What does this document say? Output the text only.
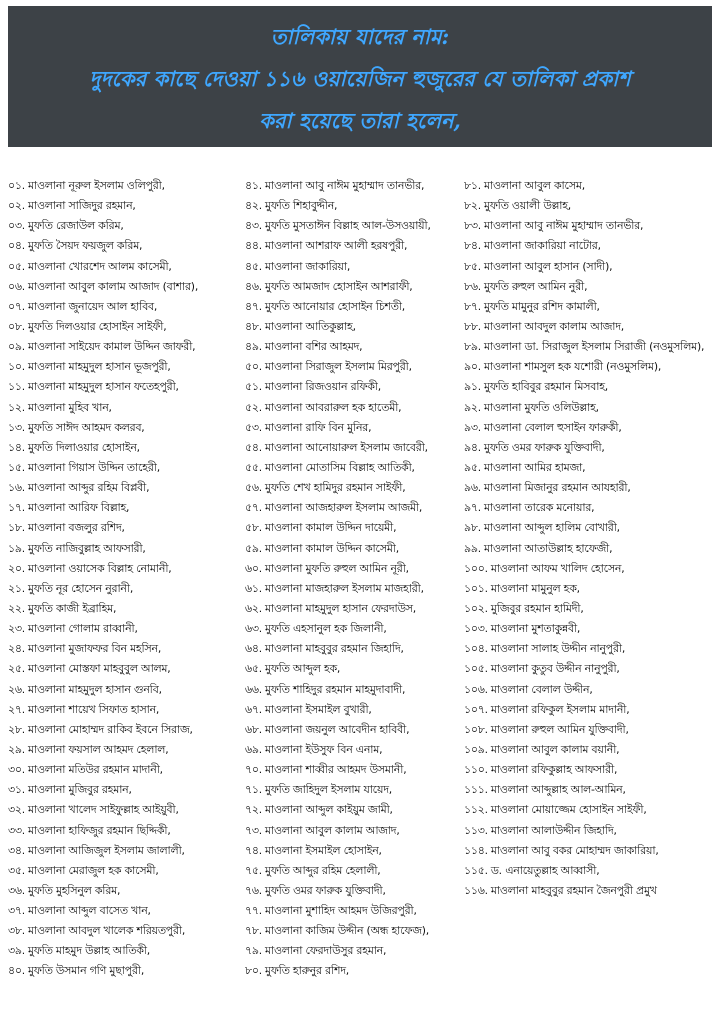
তালিকায় যাদের নাম:
দুদকের কাছে দেওয়া ১১৬ ওয়ায়েজিন হুজুরের যে তালিকা প্রকাশ
করা হয়েছে তারা হলেন,
০১. মাওলানা নূরুল ইসলাম ওলিপুরী,
০২. মাওলানা সাজিদুর রহমান,
০৩. মুফতি রেজাউল করিম,
০৪. মুফতি সৈয়দ ফয়জুল করিম,
০৫. মাওলানা খোরশেদ আলম কাসেমী,
০৬. মাওলানা আবুল কালাম আজাদ (বাশার),
০৭. মাওলানা জুনায়েদ আল হাবিব,
০৮. মুফতি দিলওয়ার হোসাইন সাইফী,
০৯. মাওলানা সাইয়েদ কামাল উদ্দিন জাফরী,
১০. মাওলানা মাহমুদুল হাসান ভূজপুরী,
১১. মাওলানা মাহমুদুল হাসান ফতেহপুরী,
১২. মাওলানা মুহিব খান,
১৩. মুফতি সাঈদ আহমদ কলরব,
১৪. মুফতি দিলাওয়ার হোসাইন,
১৫. মাওলানা গিয়াস উদ্দিন তাহেরী,
১৬. মাওলানা আব্দুর রহিম বিপ্লবী,
১৭. মাওলানা আরিফ বিল্লাহ,
১৮. মাওলানা বজলুর রশিদ,
১৯. মুফতি নাজিবুল্লাহ আফসারী,
২০. মাওলানা ওয়াসেক বিল্লাহ নোমানী,
২১. মুফতি নূর হোসেন নুরানী,
২২. মুফতি কাজী ইব্রাহিম,
২৩. মাওলানা গোলাম রাব্বানী,
২৪. মাওলানা মুজাফফর বিন মহসিন,
২৫. মাওলানা মোস্তফা মাহবুবুল আলম,
২৬. মাওলানা মাহমুদুল হাসান গুনবি,
২৭. মাওলানা শায়েখ সিফাত হাসান,
২৮. মাওলানা মোহাম্মদ রাকিব ইবনে সিরাজ,
২৯. মাওলানা ফয়সাল আহমদ হেলাল,
৩০. মাওলানা মতিউর রহমান মাদানী,
৩১. মাওলানা মুজিবুর রহমান,
৩২. মাওলানা খালেদ সাইফুল্লাহ আইয়ুবী,
৩৩. মাওলানা হাফিজুর রহমান ছিদ্দিকী,
৩৪. মাওলানা আজিজুল ইসলাম জালালী,
৩৫. মাওলানা মেরাজুল হক কাসেমী,
৩৬. মুফতি মুহসিনুল করিম,
৩৭. মাওলানা আব্দুল বাসেত খান,
৩৮. মাওলানা আবদুল খালেক শরিয়তপুরী,
৩৯. মুফতি মাহমুদ উল্লাহ আতিকী,
৪০. মুফতি উসমান গণি মুছাপুরী,
৪১. মাওলানা আবু নাঈম মুহাম্মাদ তানভীর,
৪২. মুফতি শিহাবুদ্দীন,
৪৩. মুফতি মুসতাঈন বিল্লাহ আল-উসওয়ায়ী,
৪৪. মাওলানা আশরাফ আলী হরষপুরী,
৪৫. মাওলানা জাকারিয়া,
৪৬. মুফতি আমজাদ হোসাইন আশরাফী,
৪৭. মুফতি আনোয়ার হোসাইন চিশতী,
৪৮. মাওলানা আতিকুল্লাহ,
৪৯. মাওলানা বশির আহমদ,
৫০. মাওলানা সিরাজুল ইসলাম মিরপুরী,
৫১. মাওলানা রিজওয়ান রফিকী,
৫২. মাওলানা আবরারুল হক হাতেমী,
৫৩. মাওলানা রাফি বিন মুনির,
৫৪. মাওলানা আনোয়ারুল ইসলাম জাবেরী,
৫৫. মাওলানা মোতাসিম বিল্লাহ আতিকী,
৫৬. মুফতি শেখ হামিদুর রহমান সাইফী,
৫৭. মাওলানা আজহারুল ইসলাম আজমী,
৫৮. মাওলানা কামাল উদ্দিন দায়েমী,
৫৯. মাওলানা কামাল উদ্দিন কাসেমী,
৬০. মাওলানা মুফতি রুহুল আমিন নূরী,
৬১. মাওলানা মাজহারুল ইসলাম মাজহারী,
৬২. মাওলানা মাহমুদুল হাসান ফেরদাউস,
৬৩. মুফতি এহসানুল হক জিলানী,
৬৪. মাওলানা মাহবুবুর রহমান জিহাদি,
৬৫. মুফতি আব্দুল হক,
৬৬. মুফতি শাহিদুর রহমান মাহমুদাবাদী,
৬৭. মাওলানা ইসমাইল বুখারী,
৬৮. মাওলানা জয়নুল আবেদীন হাবিবী,
৬৯. মাওলানা ইউসুফ বিন এনাম,
৭০. মাওলানা শাব্বীর আহমদ উসমানী,
৭১. মুফতি জাহিদুল ইসলাম যায়েদ,
৭২. মাওলানা আব্দুল কাইয়ুম জামী,
৭৩. মাওলানা আবুল কালাম আজাদ,
৭৪. মাওলানা ইসমাইল হোসাইন,
৭৫. মুফতি আব্দুর রহিম হেলালী,
৭৬. মুফতি ওমর ফারুক যুক্তিবাদী,
৭৭. মাওলানা মুশাহিদ আহমদ উজিরপুরী,
৭৮. মাওলানা কাজিম উদ্দীন (অন্ধ হাফেজ),
৭৯. মাওলানা ফেরদাউসুর রহমান,
৮০. মুফতি হারুনুর রশিদ,
৮১. মাওলানা আবুল কাসেম,
৮২. মুফতি ওয়ালী উল্লাহ,
৮৩. মাওলানা আবু নাঈম মুহাম্মাদ তানভীর,
৮৪. মাওলানা জাকারিয়া নাটোর,
৮৫. মাওলানা আবুল হাসান (সাদী),
৮৬. মুফতি রুহুল আমিন নুরী,
৮৭. মুফতি মামুনুর রশিদ কামালী,
৮৮. মাওলানা আবদুল কালাম আজাদ,
৮৯. মাওলানা ডা. সিরাজুল ইসলাম সিরাজী (নওমুসলিম),
৯০. মাওলানা শামসুল হক যশোরী (নওমুসলিম),
৯১. মুফতি হাবিবুর রহমান মিসবাহ,
৯২. মাওলানা মুফতি ওলিউল্লাহ,
৯৩. মাওলানা বেলাল হুসাইন ফারুকী,
৯৪. মুফতি ওমর ফারুক যুক্তিবাদী,
৯৫. মাওলানা আমির হামজা,
৯৬. মাওলানা মিজানুর রহমান আযহারী,
৯৭. মাওলানা তারেক মনোয়ার,
৯৮. মাওলানা আব্দুল হালিম বোখারী,
৯৯. মাওলানা আতাউল্লাহ হাফেজী,
১০০. মাওলানা আফম খালিদ হোসেন,
১০১. মাওলানা মামুনুল হক,
১০২. মুজিবুর রহমান হামিদী,
১০৩. মাওলানা মুশতাকুন্নবী,
১০৪. মাওলানা সালাহ উদ্দীন নানুপুরী,
১০৫. মাওলানা কুতুব উদ্দীন নানুপুরী,
১০৬. মাওলানা বেলাল উদ্দীন,
১০৭. মাওলানা রফিকুল ইসলাম মাদানী,
১০৮. মাওলানা রুহুল আমিন যুক্তিবাদী,
১০৯. মাওলানা আবুল কালাম বয়ানী,
১১০. মাওলানা রফিকুল্লাহ আফসারী,
১১১. মাওলানা আব্দুল্লাহ আল-আমিন,
১১২. মাওলানা মোয়াজ্জেম হোসাইন সাইফী,
১১৩. মাওলানা আলাউদ্দীন জিহাদি,
১১৪. মাওলানা আবু বকর মোহাম্মদ জাকারিয়া,
১১৫. ড. এনায়েতুল্লাহ আব্বাসী,
১১৬. মাওলানা মাহবুবুর রহমান জৈনপুরী প্রমুখ
